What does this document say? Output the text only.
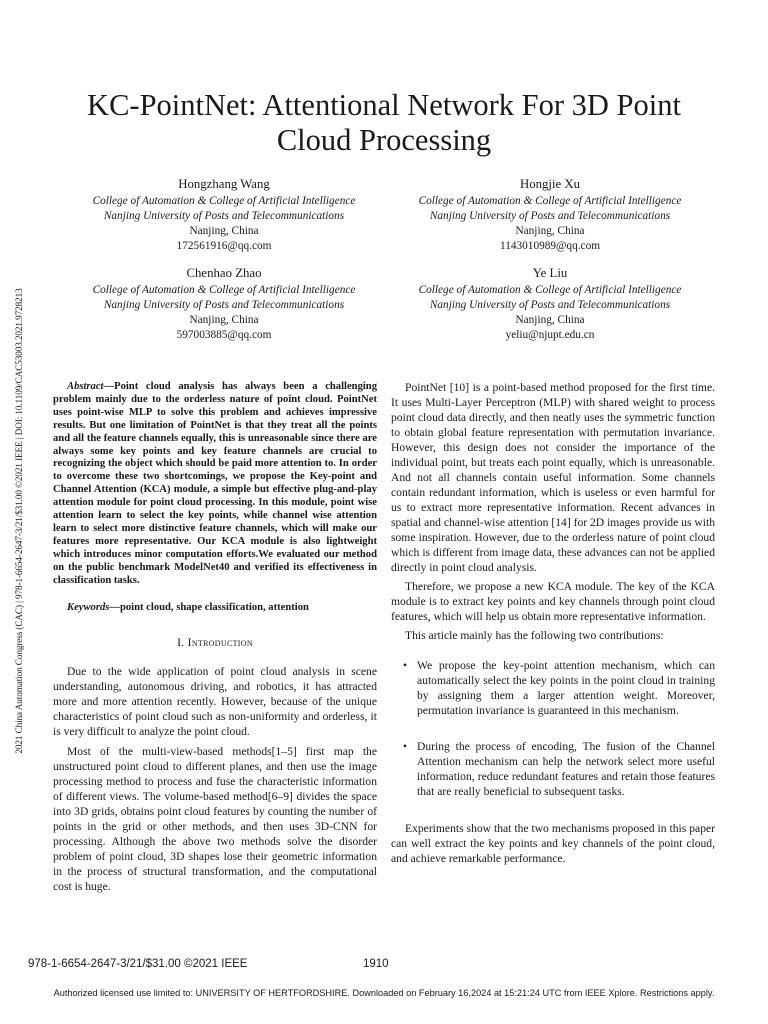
KC-PointNet: Attentional Network For 3D Point
Cloud Processing
Hongzhang Wang
College of Automation & College of Artificial Intelligence
Nanjing University of Posts and Telecommunications
Nanjing, China
172561916@qq.com
Hongjie Xu
College of Automation & College of Artificial Intelligence
Nanjing University of Posts and Telecommunications
Nanjing, China
1143010989@qq.com
Chenhao Zhao
College of Automation & College of Artificial Intelligence
Nanjing University of Posts and Telecommunications
Nanjing, China
597003885@qq.com
Ye Liu
College of Automation & College of Artificial Intelligence
Nanjing University of Posts and Telecommunications
Nanjing, China
yeliu@njupt.edu.cn
2021 China Automation Congress (CAC) | 978-1-6654-2647-3/21/$31.00 ©2021 IEEE | DOI: 10.1109/CAC53003.2021.9728213	Abstract—Point cloud analysis has always been a challenging problem mainly due to the orderless nature of point cloud. PointNet uses point-wise MLP to solve this problem and achieves impressive results. But one limitation of PointNet is that they treat all the points and all the feature channels equally, this is unreasonable since there are always some key points and key feature channels are crucial to recognizing the object which should be paid more attention to. In order to overcome these two shortcomings, we propose the Key-point and Channel Attention (KCA) module, a simple but effective plug-and-play attention module for point cloud processing. In this module, point wise attention learn to select the key points, while channel wise attention learn to select more distinctive feature channels, which will make our features more representative. Our KCA module is also lightweight which introduces minor computation efforts.We evaluated our method on the public benchmark ModelNet40 and verified its effectiveness in classification tasks.

Keywords—point cloud, shape classification, attention

I. Introduction

Due to the wide application of point cloud analysis in scene understanding, autonomous driving, and robotics, it has attracted more and more attention recently. However, because of the unique characteristics of point cloud such as non-uniformity and orderless, it is very difficult to analyze the point cloud.

Most of the multi-view-based methods[1–5] first map the unstructured point cloud to different planes, and then use the image processing method to process and fuse the characteristic information of different views. The volume-based method[6–9] divides the space into 3D grids, obtains point cloud features by counting the number of points in the grid or other methods, and then uses 3D-CNN for processing. Although the above two methods solve the disorder problem of point cloud, 3D shapes lose their geometric information in the process of structural transformation, and the computational cost is huge.

PointNet [10] is a point-based method proposed for the first time. It uses Multi-Layer Perceptron (MLP) with shared weight to process point cloud data directly, and then neatly uses the symmetric function to obtain global feature representation with permutation invariance. However, this design does not consider the importance of the individual point, but treats each point equally, which is unreasonable. And not all channels contain useful information. Some channels contain redundant information, which is useless or even harmful for us to extract more representative information. Recent advances in spatial and channel-wise attention [14] for 2D images provide us with some inspiration. However, due to the orderless nature of point cloud which is different from image data, these advances can not be applied directly in point cloud analysis.

Therefore, we propose a new KCA module. The key of the KCA module is to extract key points and key channels through point cloud features, which will help us obtain more representative information.

This article mainly has the following two contributions:

• We propose the key-point attention mechanism, which can automatically select the key points in the point cloud in training by assigning them a larger attention weight. Moreover, permutation invariance is guaranteed in this mechanism.
• During the process of encoding, The fusion of the Channel Attention mechanism can help the network select more useful information, reduce redundant features and retain those features that are really beneficial to subsequent tasks.

Experiments show that the two mechanisms proposed in this paper can well extract the key points and key channels of the point cloud, and achieve remarkable performance.

978-1-6654-2647-3/21/$31.00 ©2021 IEEE	1910
Authorized licensed use limited to: UNIVERSITY OF HERTFORDSHIRE. Downloaded on February 16,2024 at 15:21:24 UTC from IEEE Xplore. Restrictions apply.
